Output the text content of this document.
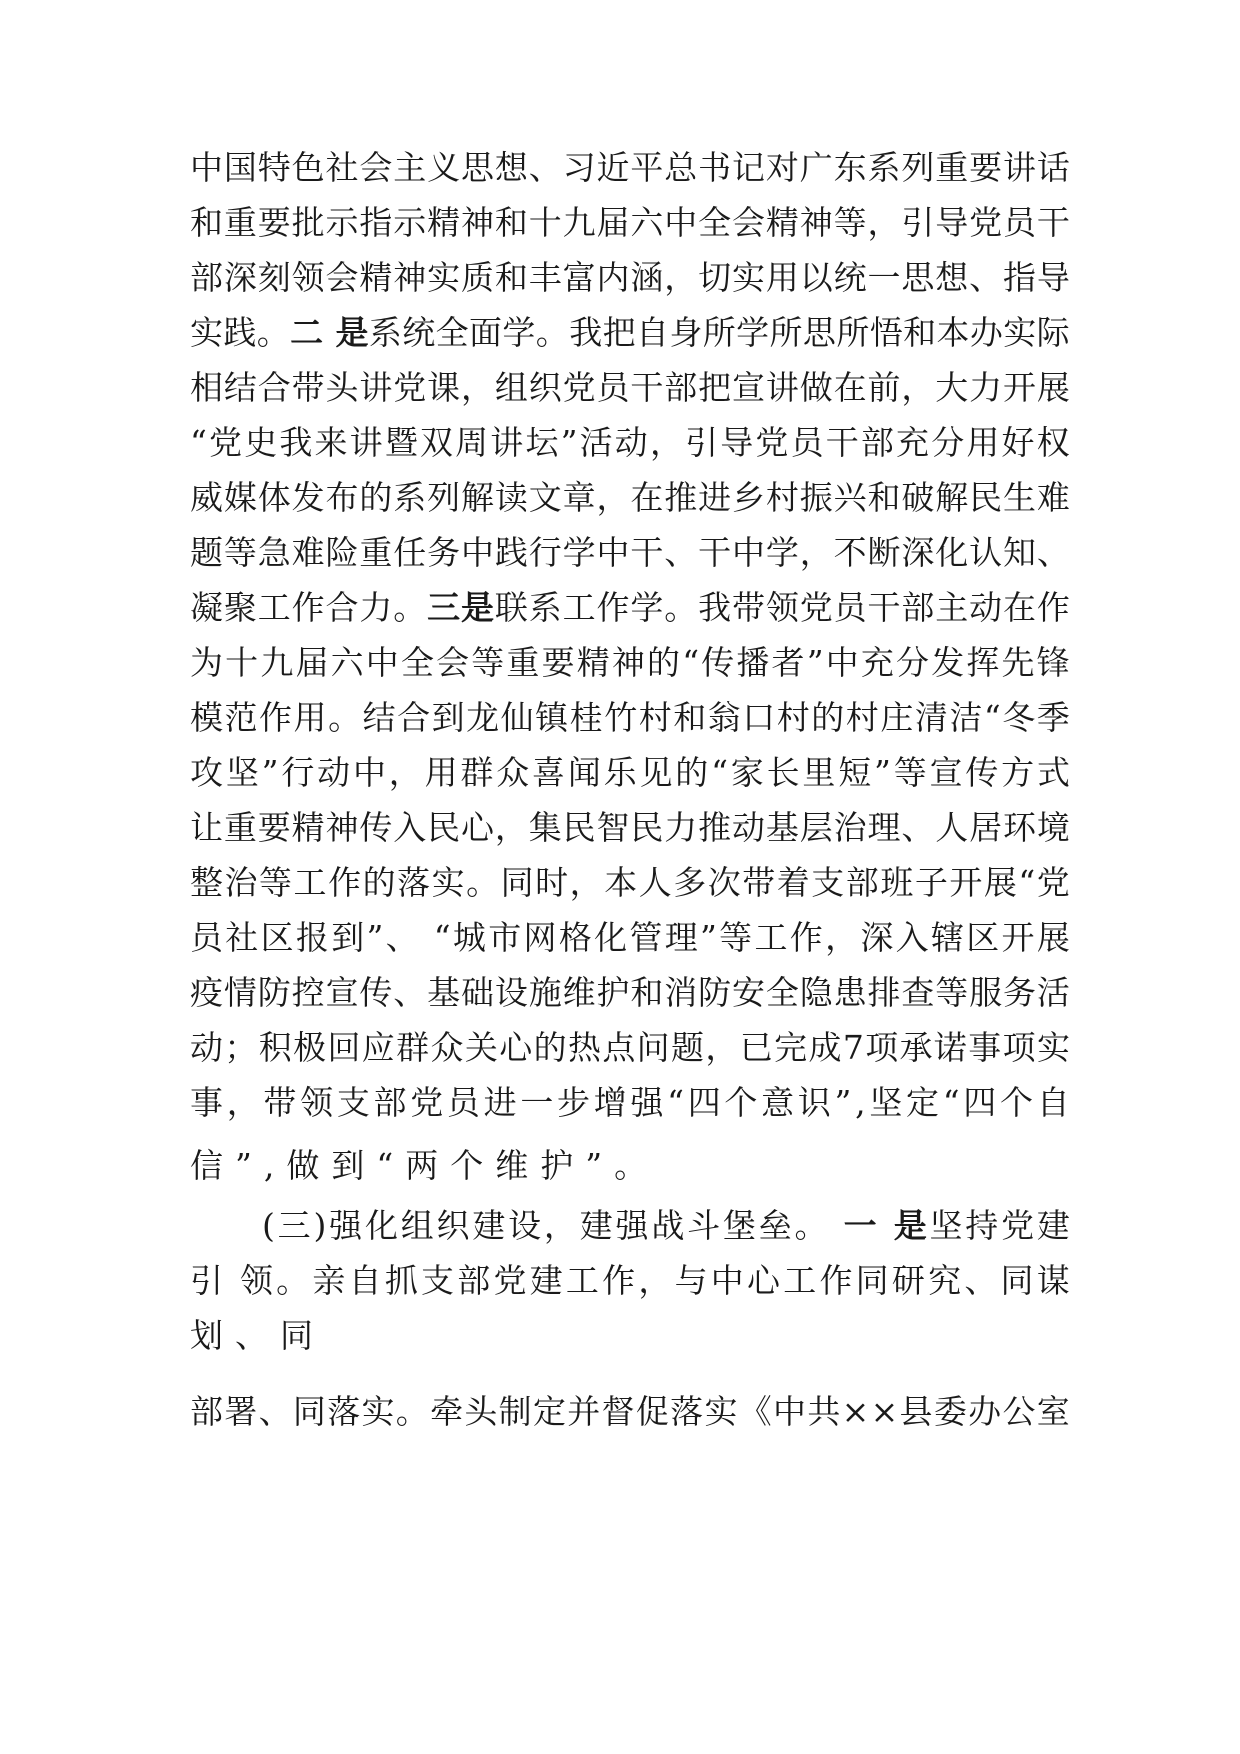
中 国 特 色 社 会 主 义 思 想 、 习 近 平 总 书 记 对 广 东 系 列 重 要 讲 话
和 重 要 批 示 指 示 精 神 和 十 九 届 六 中 全 会 精 神 等 ， 引 导 党 员 干
部 深 刻 领 会 精 神 实 质 和 丰 富 内 涵 ， 切 实 用 以 统 一 思 想 、 指 导
实 践 。 二
是 系 统 全 面 学 。 我 把 自 身 所 学 所 思 所 悟 和 本 办 实 际
相 结 合 带 头 讲 党 课 ， 组 织 党 员 干 部 把 宣 讲 做 在 前 ， 大 力 开 展
“ 党 史 我 来 讲 暨 双 周 讲 坛 ” 活 动 ， 引 导 党 员 干 部 充 分 用 好 权
威 媒 体 发 布 的 系 列 解 读 文 章 ， 在 推 进 乡 村 振 兴 和 破 解 民 生 难
题 等 急 难 险 重 任 务 中 践 行 学 中 干 、 干 中 学 ， 不 断 深 化 认 知 、
凝 聚 工 作 合 力 。 三 是 联 系 工 作 学 。 我 带 领 党 员 干 部 主 动 在 作
为 十 九 届 六 中 全 会 等 重 要 精 神 的 “ 传 播 者 ” 中 充 分 发 挥 先 锋
模 范 作 用 。 结 合 到 龙 仙 镇 桂 竹 村 和 翁 口 村 的 村 庄 清 洁 “ 冬 季
攻 坚 ” 行 动 中 ， 用 群 众 喜 闻 乐 见 的 “ 家 长 里 短 ” 等 宣 传 方 式
让 重 要 精 神 传 入 民 心 ， 集 民 智 民 力 推 动 基 层 治 理 、 人 居 环 境
整 治 等 工 作 的 落 实 。 同 时 ， 本 人 多 次 带 着 支 部 班 子 开 展 “ 党
员 社 区 报 到 ” 、
“ 城 市 网 格 化 管 理 ” 等 工 作 ， 深 入 辖 区 开 展
疫 情 防 控 宣 传 、 基 础 设 施 维 护 和 消 防 安 全 隐 患 排 查 等 服 务 活
动 ； 积 极 回 应 群 众 关 心 的 热 点 问 题 ， 已 完 成 7 项 承 诺 事 项 实
事 ， 带 领 支 部 党 员 进 一 步 增 强 “ 四 个 意 识 ” , 坚 定 “ 四 个 自
信”,做到“两个维护”。
( 三 ) 强 化 组 织 建 设 ， 建 强 战 斗 堡 垒 。
一
是 坚 持 党 建
引
领 。 亲 自 抓 支 部 党 建 工 作 ， 与 中 心 工 作 同 研 究 、 同 谋
划、同
部 署 、 同 落 实 。 牵 头 制 定 并 督 促 落 实 《 中 共 × × 县 委 办 公 室
